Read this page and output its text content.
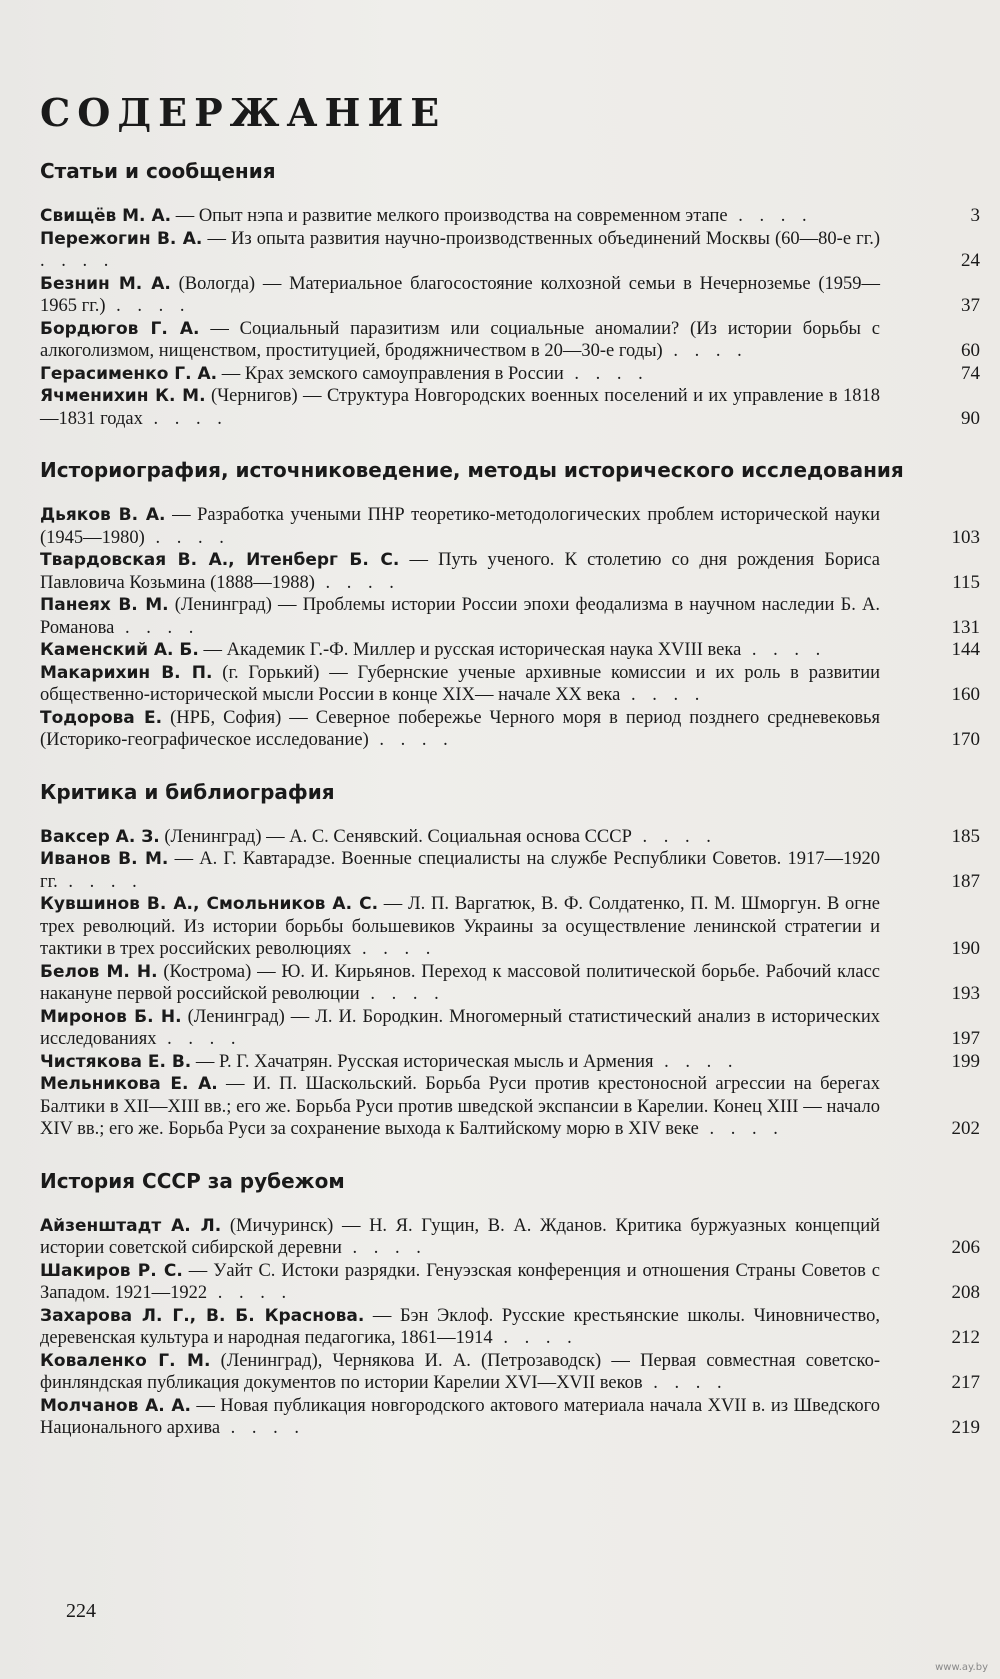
СОДЕРЖАНИЕ
Статьи и сообщения
Свищёв М. А. — Опыт нэпа и развитие мелкого производства на современном этапе . . . .	3
Пережогин В. А. — Из опыта развития научно-производственных объединений Москвы (60—80-е гг.) . . . .	24
Безнин М. А. (Вологда) — Материальное благосостояние колхозной семьи в Нечерноземье (1959—1965 гг.) . . . .	37
Бордюгов Г. А. — Социальный паразитизм или социальные аномалии? (Из истории борьбы с алкоголизмом, нищенством, проституцией, бродяжничеством в 20—30-е годы) . . . .	60
Герасименко Г. А. — Крах земского самоуправления в России . . . .	74
Ячменихин К. М. (Чернигов) — Структура Новгородских военных поселений и их управление в 1818—1831 годах . . . .	90
Историография, источниковедение, методы исторического исследования
Дьяков В. А. — Разработка учеными ПНР теоретико-методологических проблем исторической науки (1945—1980) . . . .	103
Твардовская В. А., Итенберг Б. С. — Путь ученого. К столетию со дня рождения Бориса Павловича Козьмина (1888—1988) . . . .	115
Панеях В. М. (Ленинград) — Проблемы истории России эпохи феодализма в научном наследии Б. А. Романова . . . .	131
Каменский А. Б. — Академик Г.-Ф. Миллер и русская историческая наука XVIII века . . . .	144
Макарихин В. П. (г. Горький) — Губернские ученые архивные комиссии и их роль в развитии общественно-исторической мысли России в конце XIX— начале XX века . . . .	160
Тодорова Е. (НРБ, София) — Северное побережье Черного моря в период позднего средневековья (Историко-географическое исследование) . . . .	170
Критика и библиография
Ваксер А. З. (Ленинград) — А. С. Сенявский. Социальная основа СССР . . . .	185
Иванов В. М. — А. Г. Кавтарадзе. Военные специалисты на службе Республики Советов. 1917—1920 гг. . . . .	187
Кувшинов В. А., Смольников А. С. — Л. П. Варгатюк, В. Ф. Солдатенко, П. М. Шморгун. В огне трех революций. Из истории борьбы большевиков Украины за осуществление ленинской стратегии и тактики в трех российских революциях . . . .	190
Белов М. Н. (Кострома) — Ю. И. Кирьянов. Переход к массовой политической борьбе. Рабочий класс накануне первой российской революции . . . .	193
Миронов Б. Н. (Ленинград) — Л. И. Бородкин. Многомерный статистический анализ в исторических исследованиях . . . .	197
Чистякова Е. В. — Р. Г. Хачатрян. Русская историческая мысль и Армения . . . .	199
Мельникова Е. А. — И. П. Шаскольский. Борьба Руси против крестоносной агрессии на берегах Балтики в XII—XIII вв.; его же. Борьба Руси против шведской экспансии в Карелии. Конец XIII — начало XIV вв.; его же. Борьба Руси за сохранение выхода к Балтийскому морю в XIV веке . . . .	202
История СССР за рубежом
Айзенштадт А. Л. (Мичуринск) — Н. Я. Гущин, В. А. Жданов. Критика буржуазных концепций истории советской сибирской деревни . . . .	206
Шакиров Р. С. — Уайт С. Истоки разрядки. Генуэзская конференция и отношения Страны Советов с Западом. 1921—1922 . . . .	208
Захарова Л. Г., В. Б. Краснова. — Бэн Эклоф. Русские крестьянские школы. Чиновничество, деревенская культура и народная педагогика, 1861—1914 . . . .	212
Коваленко Г. М. (Ленинград), Чернякова И. А. (Петрозаводск) — Первая совместная советско-финляндская публикация документов по истории Карелии XVI—XVII веков . . . .	217
Молчанов А. А. — Новая публикация новгородского актового материала начала XVII в. из Шведского Национального архива . . . .	219
224
www.ay.by
